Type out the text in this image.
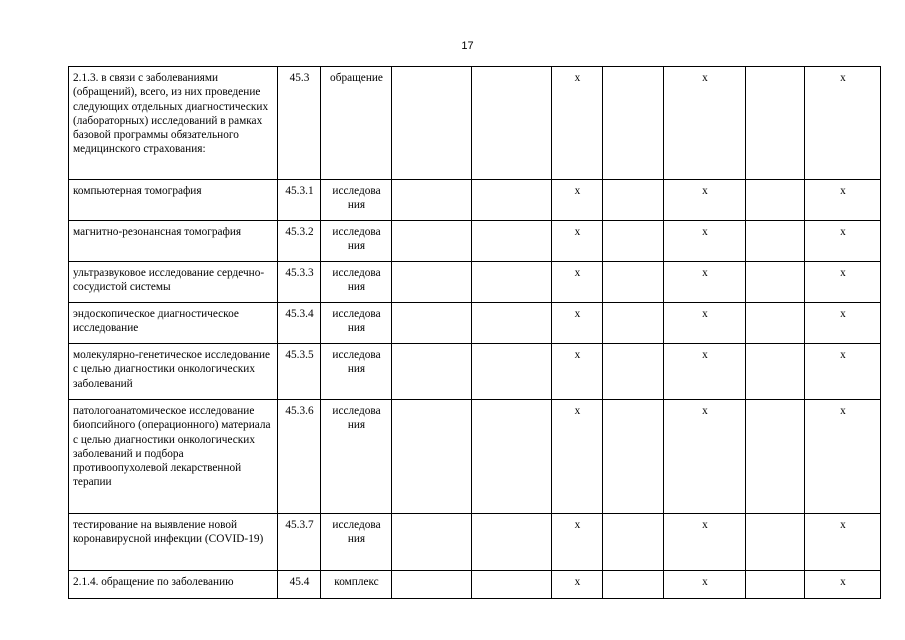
17
2.1.3. в связи с заболеваниями (обращений), всего, из них проведение следующих отдельных диагностических (лабораторных) исследований в рамках базовой программы обязательного медицинского страхования:	45.3	обращение			х		х		х
компьютерная томография	45.3.1	исследова ния			х		х		х
магнитно-резонансная томография	45.3.2	исследова ния			х		х		х
ультразвуковое исследование сердечно-сосудистой системы	45.3.3	исследова ния			х		х		х
эндоскопическое диагностическое исследование	45.3.4	исследова ния			х		х		х
молекулярно-генетическое исследование с целью диагностики онкологических заболеваний	45.3.5	исследова ния			х		х		х
патологоанатомическое исследование биопсийного (операционного) материала с целью диагностики онкологических заболеваний и подбора противоопухолевой лекарственной терапии	45.3.6	исследова ния			х		х		х
тестирование на выявление новой коронавирусной инфекции (COVID-19)	45.3.7	исследова ния			х		х		х
2.1.4. обращение по заболеванию	45.4	комплекс			х		х		х
